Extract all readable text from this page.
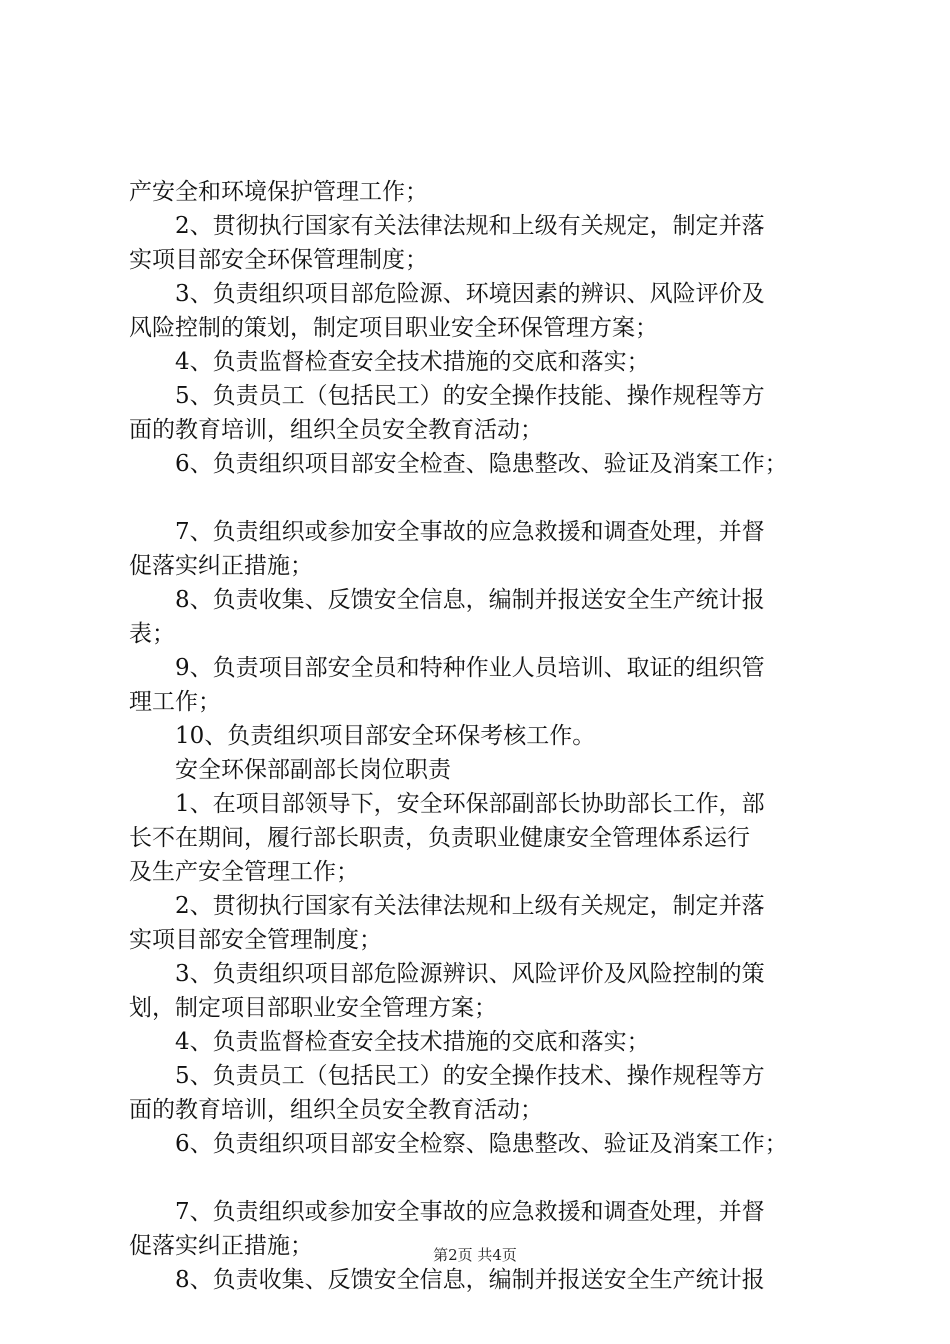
产安全和环境保护管理工作；
　　2、贯彻执行国家有关法律法规和上级有关规定，制定并落
实项目部安全环保管理制度；
　　3、负责组织项目部危险源、环境因素的辨识、风险评价及
风险控制的策划，制定项目职业安全环保管理方案；
　　4、负责监督检查安全技术措施的交底和落实；
　　5、负责员工（包括民工）的安全操作技能、操作规程等方
面的教育培训，组织全员安全教育活动；
　　6、负责组织项目部安全检查、隐患整改、验证及消案工作；
　　7、负责组织或参加安全事故的应急救援和调查处理，并督
促落实纠正措施；
　　8、负责收集、反馈安全信息，编制并报送安全生产统计报
表；
　　9、负责项目部安全员和特种作业人员培训、取证的组织管
理工作；
　　10、负责组织项目部安全环保考核工作。
　　安全环保部副部长岗位职责
　　1、在项目部领导下，安全环保部副部长协助部长工作，部
长不在期间，履行部长职责，负责职业健康安全管理体系运行
及生产安全管理工作；
　　2、贯彻执行国家有关法律法规和上级有关规定，制定并落
实项目部安全管理制度；
　　3、负责组织项目部危险源辨识、风险评价及风险控制的策
划，制定项目部职业安全管理方案；
　　4、负责监督检查安全技术措施的交底和落实；
　　5、负责员工（包括民工）的安全操作技术、操作规程等方
面的教育培训，组织全员安全教育活动；
　　6、负责组织项目部安全检察、隐患整改、验证及消案工作；
　　7、负责组织或参加安全事故的应急救援和调查处理，并督
促落实纠正措施；
　　8、负责收集、反馈安全信息，编制并报送安全生产统计报
第2页 共4页
